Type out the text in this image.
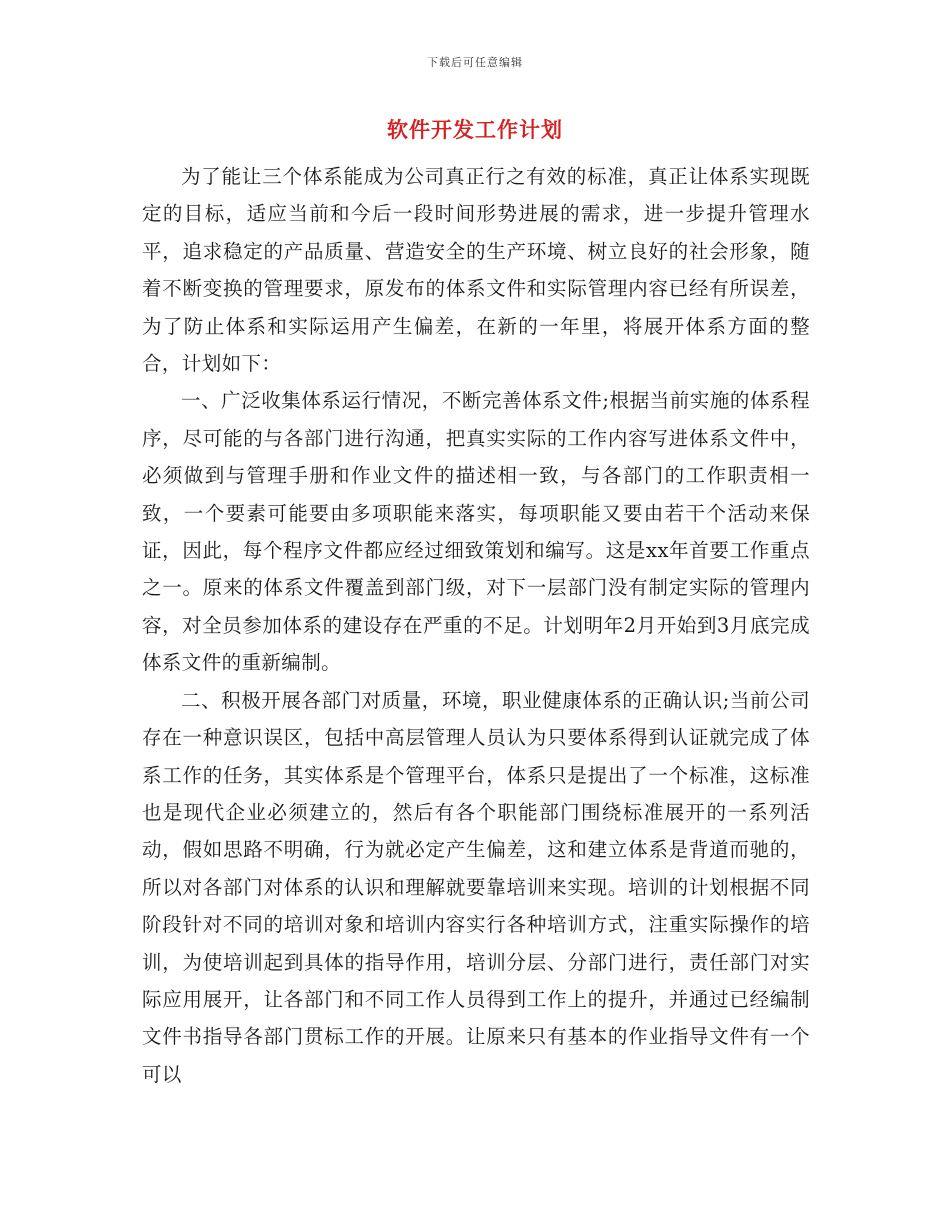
下载后可任意编辑
软件开发工作计划

为了能让三个体系能成为公司真正行之有效的标准，真正让体系实现既定的目标，适应当前和今后一段时间形势进展的需求，进一步提升管理水平，追求稳定的产品质量、营造安全的生产环境、树立良好的社会形象，随着不断变换的管理要求，原发布的体系文件和实际管理内容已经有所误差，为了防止体系和实际运用产生偏差，在新的一年里，将展开体系方面的整合，计划如下：

一、广泛收集体系运行情况，不断完善体系文件;根据当前实施的体系程序，尽可能的与各部门进行沟通，把真实实际的工作内容写进体系文件中，必须做到与管理手册和作业文件的描述相一致，与各部门的工作职责相一致，一个要素可能要由多项职能来落实，每项职能又要由若干个活动来保证，因此，每个程序文件都应经过细致策划和编写。这是xx年首要工作重点之一。原来的体系文件覆盖到部门级，对下一层部门没有制定实际的管理内容，对全员参加体系的建设存在严重的不足。计划明年2月开始到3月底完成体系文件的重新编制。

二、积极开展各部门对质量，环境，职业健康体系的正确认识;当前公司存在一种意识误区，包括中高层管理人员认为只要体系得到认证就完成了体系工作的任务，其实体系是个管理平台，体系只是提出了一个标准，这标准也是现代企业必须建立的，然后有各个职能部门围绕标准展开的一系列活动，假如思路不明确，行为就必定产生偏差，这和建立体系是背道而驰的，所以对各部门对体系的认识和理解就要靠培训来实现。培训的计划根据不同阶段针对不同的培训对象和培训内容实行各种培训方式，注重实际操作的培训，为使培训起到具体的指导作用，培训分层、分部门进行，责任部门对实际应用展开，让各部门和不同工作人员得到工作上的提升，并通过已经编制文件书指导各部门贯标工作的开展。让原来只有基本的作业指导文件有一个可以
